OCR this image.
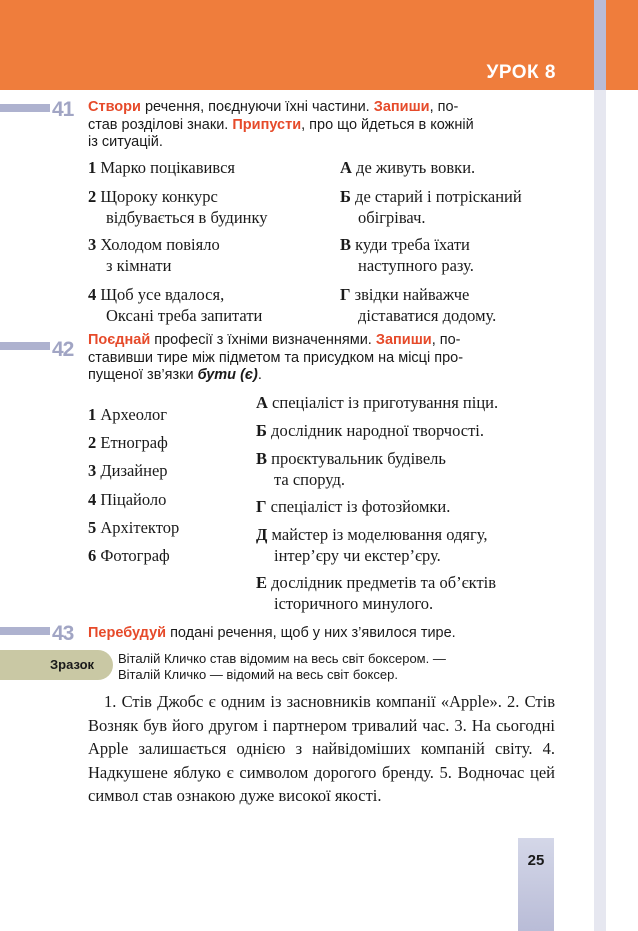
УРОК 8
41 Створи речення, поєднуючи їхні частини. Запиши, по-
став розділові знаки. Припусти, про що йдеться в кожній
із ситуацій.
1 Марко поцікавився
2 Щороку конкурс
відбувається в будинку
3 Холодом повіяло
з кімнати
4 Щоб усе вдалося,
Оксані треба запитати
А де живуть вовки.
Б де старий і потрісканий
обігрівач.
В куди треба їхати
наступного разу.
Г звідки найважче
діставатися додому.
42 Поєднай професії з їхніми визначеннями. Запиши, по-
ставивши тире між підметом та присудком на місці про-
пущеної зв’язки бути (є).
1 Археолог
2 Етнограф
3 Дизайнер
4 Піцайоло
5 Архітектор
6 Фотограф
А спеціаліст із приготування піци.
Б дослідник народної творчості.
В проєктувальник будівель
та споруд.
Г спеціаліст із фотозйомки.
Д майстер із моделювання одягу,
інтер’єру чи екстер’єру.
Е дослідник предметів та об’єктів
історичного минулого.
43 Перебудуй подані речення, щоб у них з’явилося тире.
Зразок Віталій Кличко став відомим на весь світ боксером. —
Віталій Кличко — відомий на весь світ боксер.
1. Стів Джобс є одним із засновників компанії «Apple». 2. Стів Возняк був його другом і партнером тривалий час. 3. На сьогодні Apple залишається однією з найвідоміших компаній світу. 4. Надкушене яблуко є символом дорогого бренду. 5. Водночас цей символ став ознакою дуже високої якості.
25
